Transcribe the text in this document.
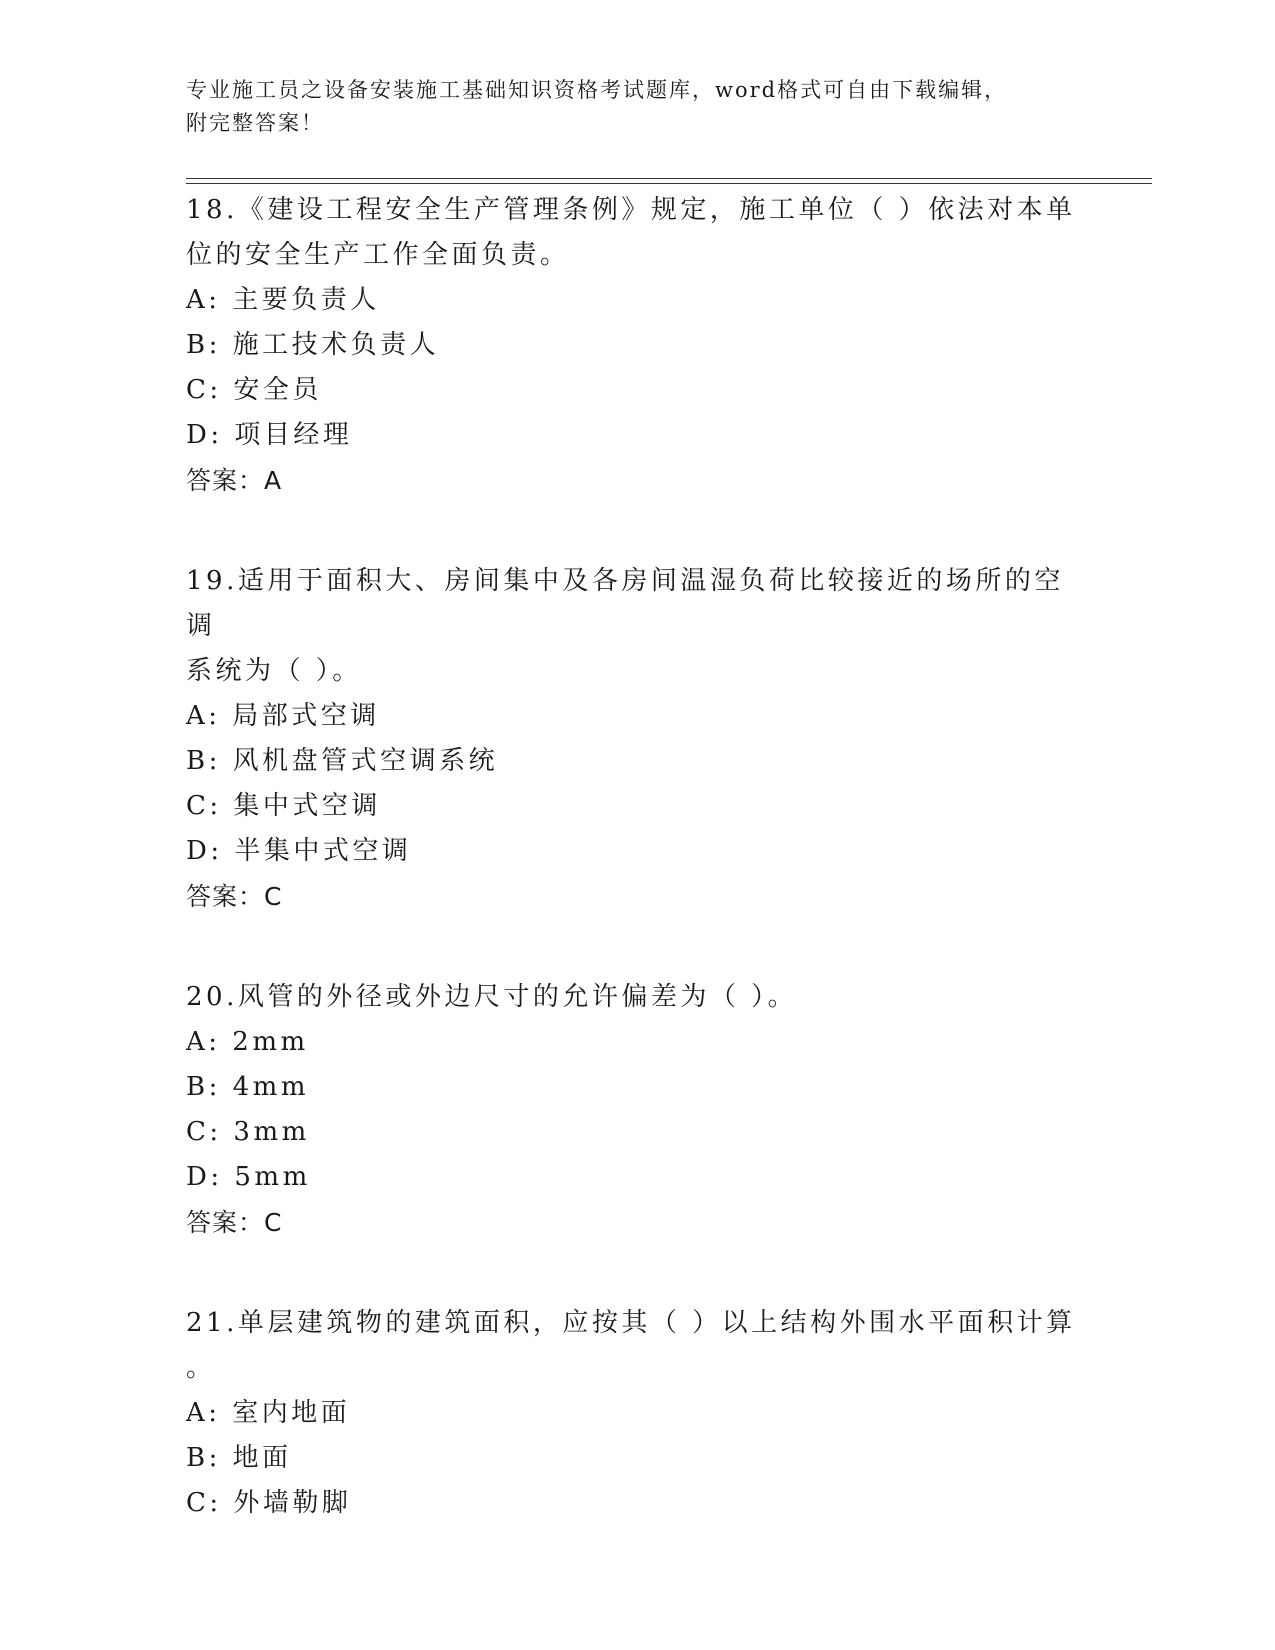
专业施工员之设备安装施工基础知识资格考试题库，word格式可自由下载编辑，
附完整答案！

18.《建设工程安全生产管理条例》规定，施工单位（ ）依法对本单

位的安全生产工作全面负责。

A: 主要负责人

B: 施工技术负责人

C: 安全员

D: 项目经理

答案：A

19.适用于面积大、房间集中及各房间温湿负荷比较接近的场所的空调

系统为（ ）。

A: 局部式空调

B: 风机盘管式空调系统

C: 集中式空调

D: 半集中式空调

答案：C

20.风管的外径或外边尺寸的允许偏差为（ ）。

A: 2mm

B: 4mm

C: 3mm

D: 5mm

答案：C

21.单层建筑物的建筑面积，应按其（ ）以上结构外围水平面积计算

。

A: 室内地面

B: 地面

C: 外墙勒脚
